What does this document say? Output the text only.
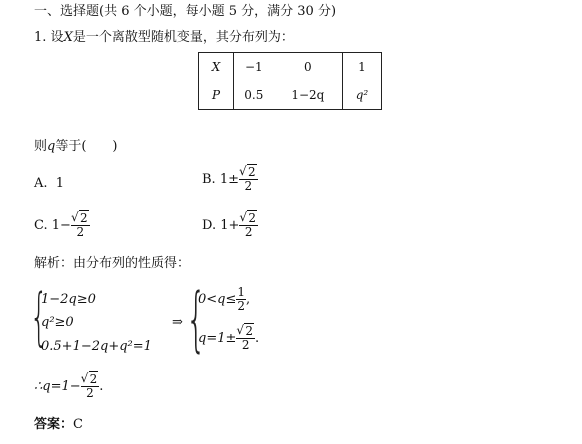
一、选择题(共 6 个小题，每小题 5 分，满分 30 分)
1. 设X是一个离散型随机变量，其分布列为：
X	−1	0	1
P	0.5	1−2q	q²
则q等于(　　)
A. 1	B. 1± √ $\frac{2}{2}$
C. 1− √ $\frac{2}{2}$	D. 1+ √ $\frac{2}{2}$
解析：由分布列的性质得：
{
1−2q≥0
q²≥0
0.5+1−2q+q²=1
⇒ {
$0<q\le \frac{1}{2}$ ,
q=1± √ $\frac{2}{2}$ .
∴q=1− √ $\frac{2}{2}$ .
答案：C
